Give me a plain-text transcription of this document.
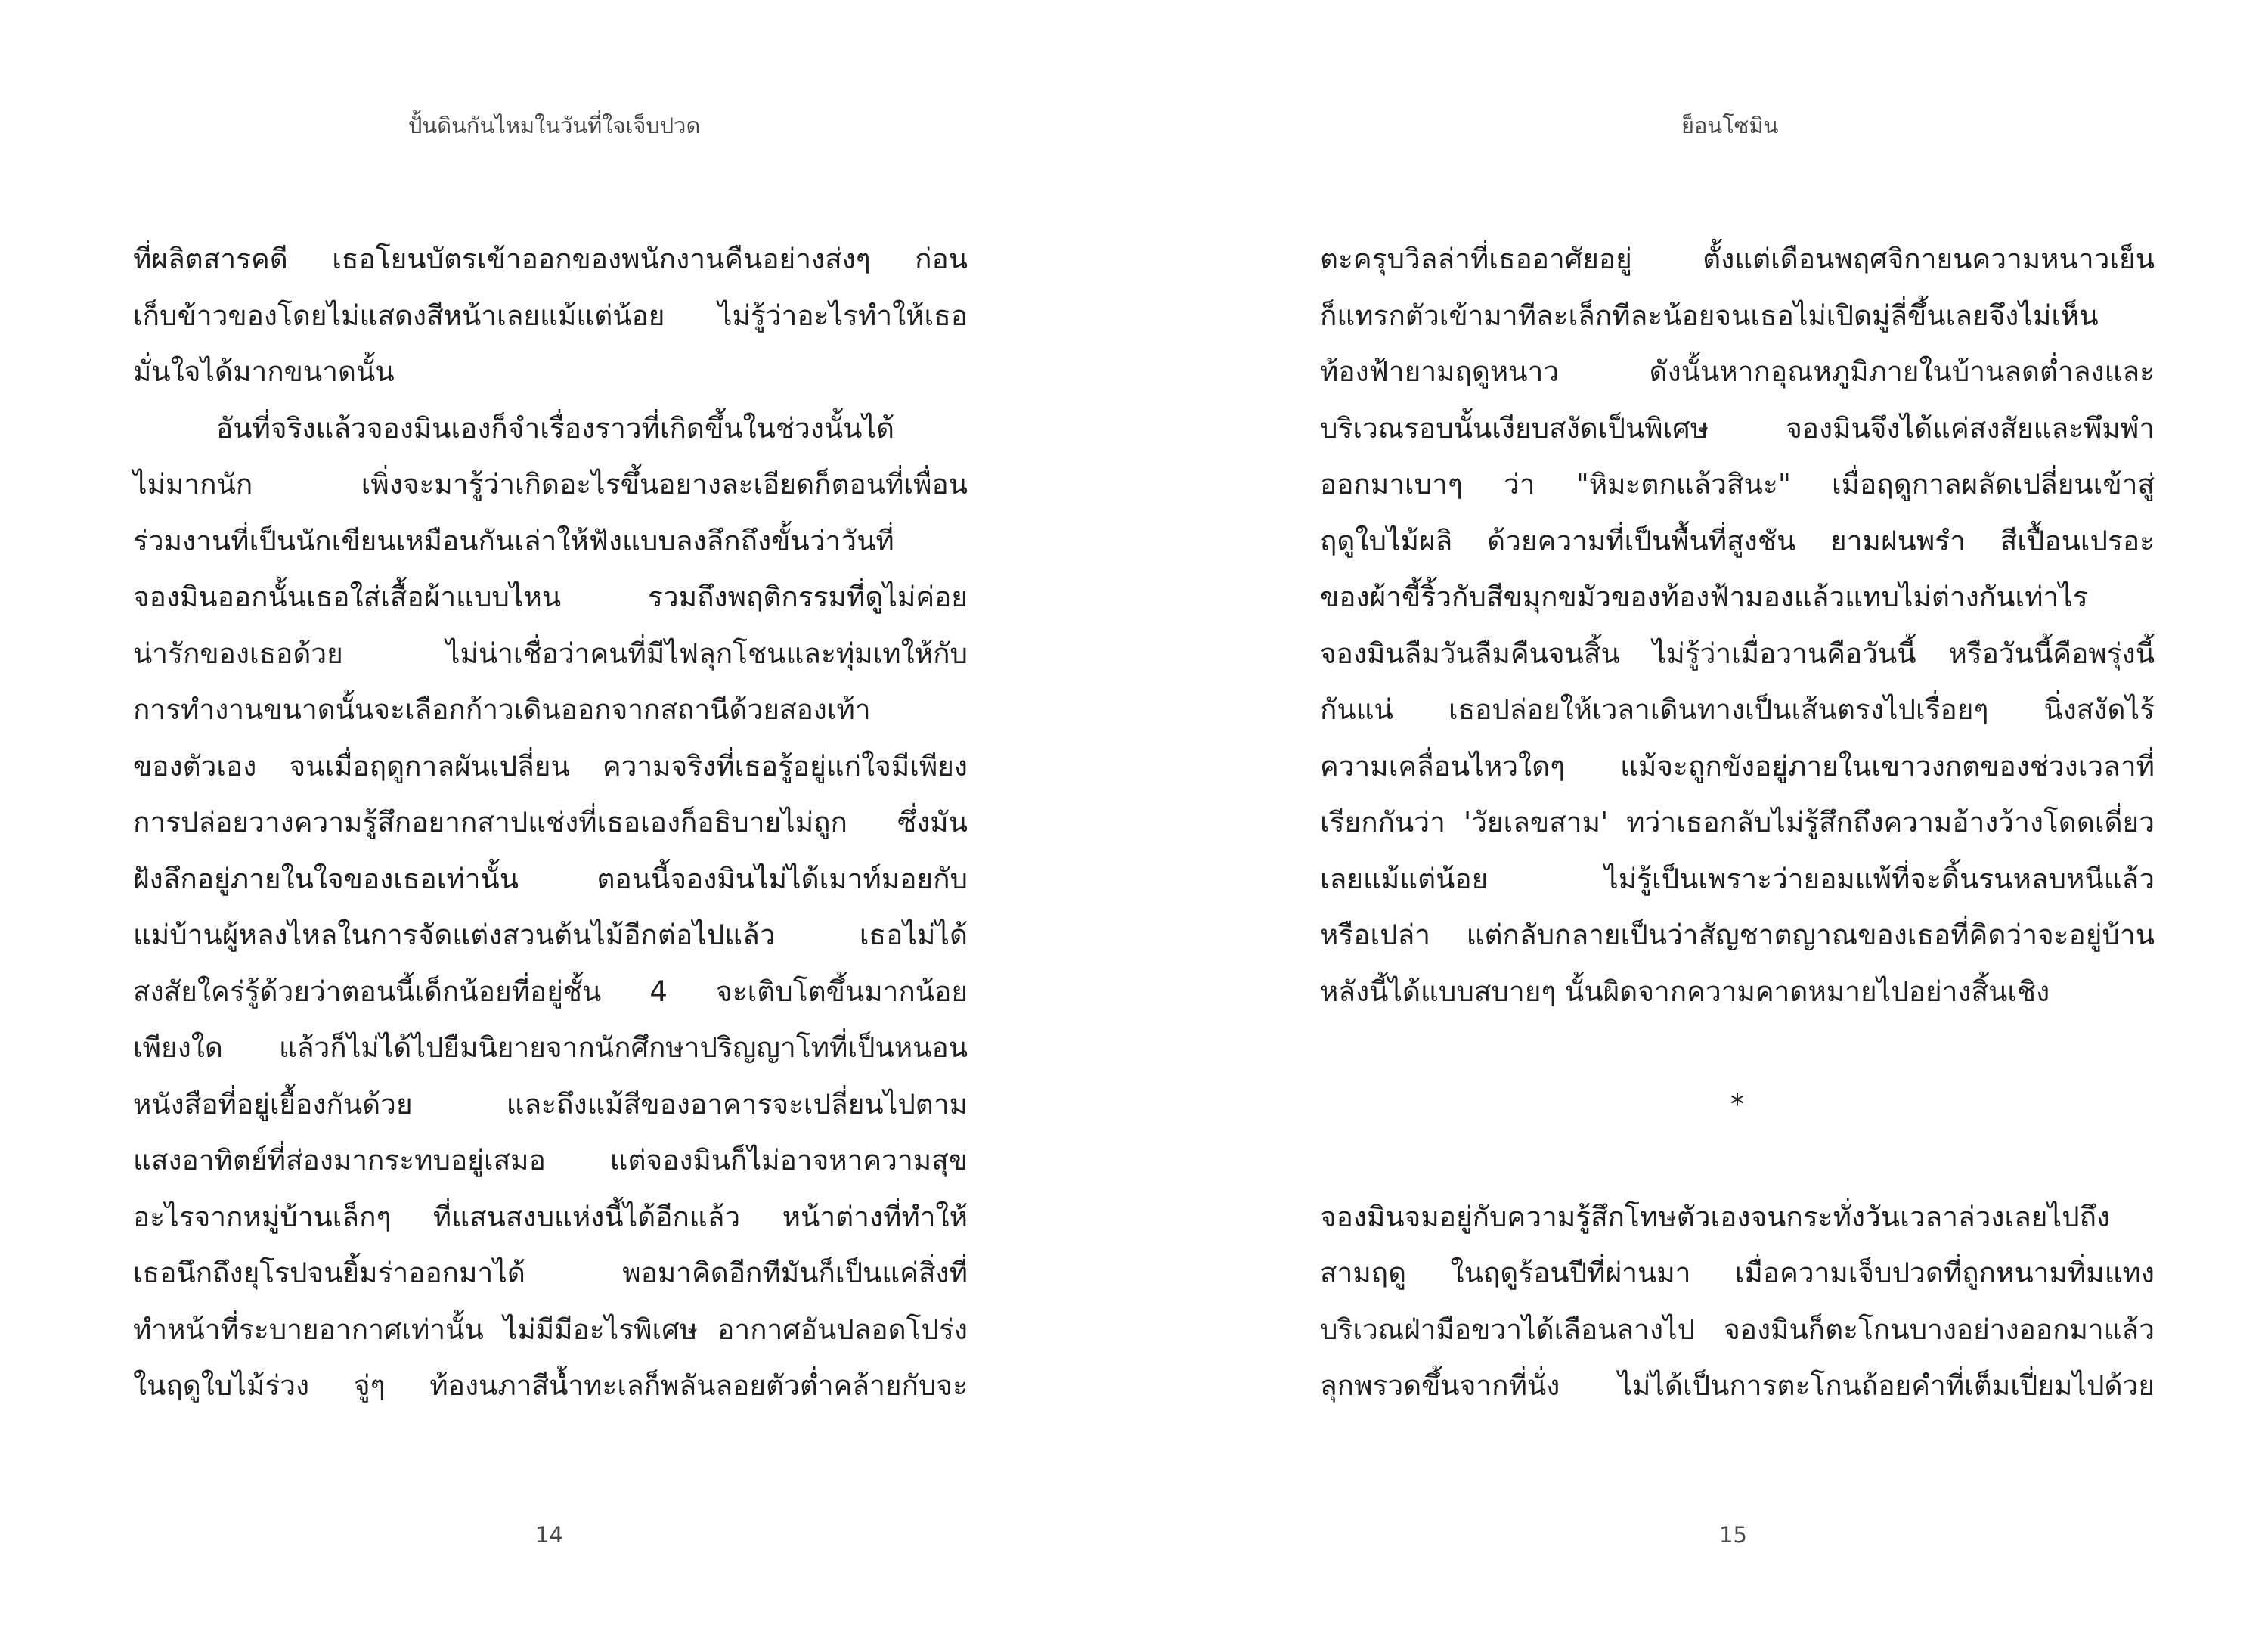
ปั้นดินกันไหมในวันที่ใจเจ็บปวด
ที่ผลิตสารคดี เธอโยนบัตรเข้าออกของพนักงานคืนอย่างส่งๆ ก่อน
เก็บข้าวของโดยไม่แสดงสีหน้าเลยแม้แต่น้อย ไม่รู้ว่าอะไรทำให้เธอ
มั่นใจได้มากขนาดนั้น
อันที่จริงแล้วจองมินเองก็จำเรื่องราวที่เกิดขึ้นในช่วงนั้นได้
ไม่มากนัก เพิ่งจะมารู้ว่าเกิดอะไรขึ้นอยางละเอียดก็ตอนที่เพื่อน
ร่วมงานที่เป็นนักเขียนเหมือนกันเล่าให้ฟังแบบลงลึกถึงขั้นว่าวันที่
จองมินออกนั้นเธอใส่เสื้อผ้าแบบไหน รวมถึงพฤติกรรมที่ดูไม่ค่อย
น่ารักของเธอด้วย ไม่น่าเชื่อว่าคนที่มีไฟลุกโชนและทุ่มเทให้กับ
การทำงานขนาดนั้นจะเลือกก้าวเดินออกจากสถานีด้วยสองเท้า
ของตัวเอง จนเมื่อฤดูกาลผันเปลี่ยน ความจริงที่เธอรู้อยู่แก่ใจมีเพียง
การปล่อยวางความรู้สึกอยากสาปแช่งที่เธอเองก็อธิบายไม่ถูก ซึ่งมัน
ฝังลึกอยู่ภายในใจของเธอเท่านั้น ตอนนี้จองมินไม่ได้เมาท์มอยกับ
แม่บ้านผู้หลงไหลในการจัดแต่งสวนต้นไม้อีกต่อไปแล้ว เธอไม่ได้
สงสัยใคร่รู้ด้วยว่าตอนนี้เด็กน้อยที่อยู่ชั้น 4 จะเติบโตขึ้นมากน้อย
เพียงใด แล้วก็ไม่ได้ไปยืมนิยายจากนักศึกษาปริญญาโทที่เป็นหนอน
หนังสือที่อยู่เยื้องกันด้วย และถึงแม้สีของอาคารจะเปลี่ยนไปตาม
แสงอาทิตย์ที่ส่องมากระทบอยู่เสมอ แต่จองมินก็ไม่อาจหาความสุข
อะไรจากหมู่บ้านเล็กๆ ที่แสนสงบแห่งนี้ได้อีกแล้ว หน้าต่างที่ทำให้
เธอนึกถึงยุโรปจนยิ้มร่าออกมาได้ พอมาคิดอีกทีมันก็เป็นแค่สิ่งที่
ทำหน้าที่ระบายอากาศเท่านั้น ไม่มีมีอะไรพิเศษ อากาศอันปลอดโปร่ง
ในฤดูใบไม้ร่วง จู่ๆ ท้องนภาสีน้ำทะเลก็พลันลอยตัวต่ำคล้ายกับจะ
14
ย็อนโซมิน
ตะครุบวิลล่าที่เธออาศัยอยู่ ตั้งแต่เดือนพฤศจิกายนความหนาวเย็น
ก็แทรกตัวเข้ามาทีละเล็กทีละน้อยจนเธอไม่เปิดมู่ลี่ขึ้นเลยจึงไม่เห็น
ท้องฟ้ายามฤดูหนาว ดังนั้นหากอุณหภูมิภายในบ้านลดต่ำลงและ
บริเวณรอบนั้นเงียบสงัดเป็นพิเศษ จองมินจึงได้แค่สงสัยและพึมพำ
ออกมาเบาๆ ว่า "หิมะตกแล้วสินะ" เมื่อฤดูกาลผลัดเปลี่ยนเข้าสู่
ฤดูใบไม้ผลิ ด้วยความที่เป็นพื้นที่สูงชัน ยามฝนพรำ สีเปื้อนเปรอะ
ของผ้าขี้ริ้วกับสีขมุกขมัวของท้องฟ้ามองแล้วแทบไม่ต่างกันเท่าไร
จองมินลืมวันลืมคืนจนสิ้น ไม่รู้ว่าเมื่อวานคือวันนี้ หรือวันนี้คือพรุ่งนี้
กันแน่ เธอปล่อยให้เวลาเดินทางเป็นเส้นตรงไปเรื่อยๆ นิ่งสงัดไร้
ความเคลื่อนไหวใดๆ แม้จะถูกขังอยู่ภายในเขาวงกตของช่วงเวลาที่
เรียกกันว่า 'วัยเลขสาม' ทว่าเธอกลับไม่รู้สึกถึงความอ้างว้างโดดเดี่ยว
เลยแม้แต่น้อย ไม่รู้เป็นเพราะว่ายอมแพ้ที่จะดิ้นรนหลบหนีแล้ว
หรือเปล่า แต่กลับกลายเป็นว่าสัญชาตญาณของเธอที่คิดว่าจะอยู่บ้าน
หลังนี้ได้แบบสบายๆ นั้นผิดจากความคาดหมายไปอย่างสิ้นเชิง
*
จองมินจมอยู่กับความรู้สึกโทษตัวเองจนกระทั่งวันเวลาล่วงเลยไปถึง
สามฤดู ในฤดูร้อนปีที่ผ่านมา เมื่อความเจ็บปวดที่ถูกหนามทิ่มแทง
บริเวณฝ่ามือขวาได้เลือนลางไป จองมินก็ตะโกนบางอย่างออกมาแล้ว
ลุกพรวดขึ้นจากที่นั่ง ไม่ได้เป็นการตะโกนถ้อยคำที่เต็มเปี่ยมไปด้วย
15
